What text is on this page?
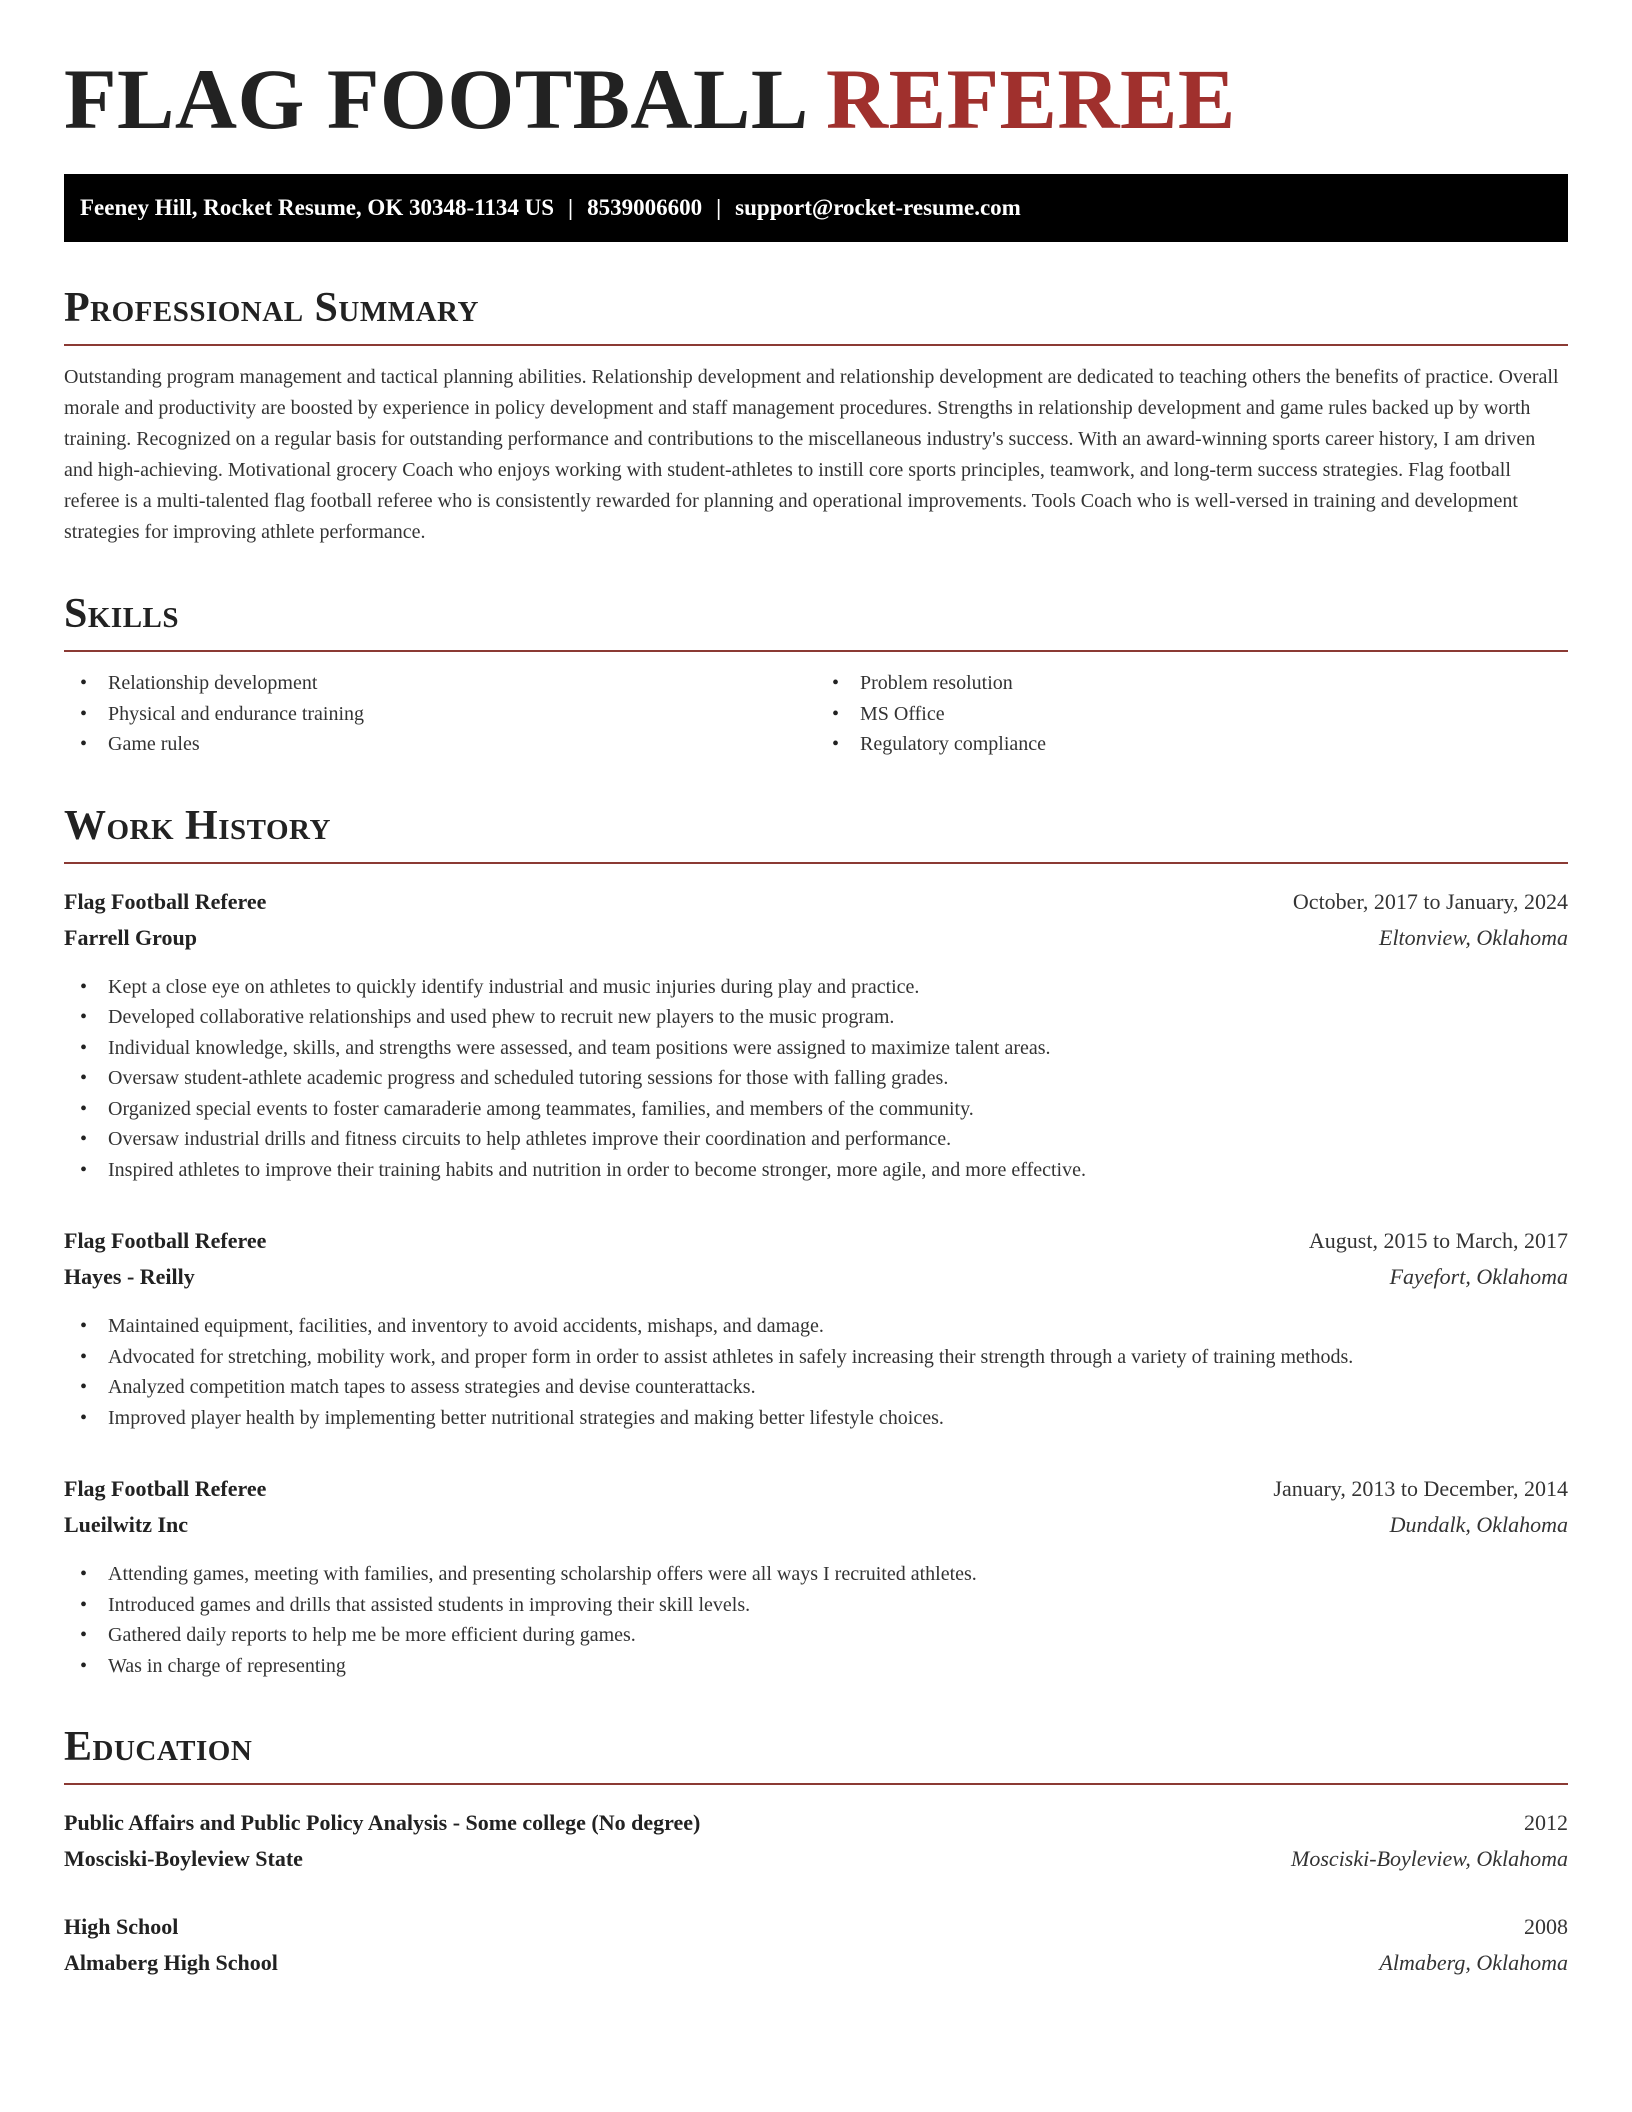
FLAG FOOTBALL REFEREE
Feeney Hill, Rocket Resume, OK 30348-1134 US | 8539006600 | support@rocket-resume.com
Professional Summary

Outstanding program management and tactical planning abilities. Relationship development and relationship development are dedicated to teaching others the benefits of practice. Overall morale and productivity are boosted by experience in policy development and staff management procedures. Strengths in relationship development and game rules backed up by worth training. Recognized on a regular basis for outstanding performance and contributions to the miscellaneous industry's success. With an award-winning sports career history, I am driven and high-achieving. Motivational grocery Coach who enjoys working with student-athletes to instill core sports principles, teamwork, and long-term success strategies. Flag football referee is a multi-talented flag football referee who is consistently rewarded for planning and operational improvements. Tools Coach who is well-versed in training and development strategies for improving athlete performance.

Skills
• Relationship development
• Physical and endurance training
• Game rules
• Problem resolution
• MS Office
• Regulatory compliance
Work History
Flag Football Referee	October, 2017 to January, 2024
Farrell Group	Eltonview, Oklahoma
• Kept a close eye on athletes to quickly identify industrial and music injuries during play and practice.
• Developed collaborative relationships and used phew to recruit new players to the music program.
• Individual knowledge, skills, and strengths were assessed, and team positions were assigned to maximize talent areas.
• Oversaw student-athlete academic progress and scheduled tutoring sessions for those with falling grades.
• Organized special events to foster camaraderie among teammates, families, and members of the community.
• Oversaw industrial drills and fitness circuits to help athletes improve their coordination and performance.
• Inspired athletes to improve their training habits and nutrition in order to become stronger, more agile, and more effective.
Flag Football Referee	August, 2015 to March, 2017
Hayes - Reilly	Fayefort, Oklahoma
• Maintained equipment, facilities, and inventory to avoid accidents, mishaps, and damage.
• Advocated for stretching, mobility work, and proper form in order to assist athletes in safely increasing their strength through a variety of training methods.
• Analyzed competition match tapes to assess strategies and devise counterattacks.
• Improved player health by implementing better nutritional strategies and making better lifestyle choices.
Flag Football Referee	January, 2013 to December, 2014
Lueilwitz Inc	Dundalk, Oklahoma
• Attending games, meeting with families, and presenting scholarship offers were all ways I recruited athletes.
• Introduced games and drills that assisted students in improving their skill levels.
• Gathered daily reports to help me be more efficient during games.
• Was in charge of representing
Education
Public Affairs and Public Policy Analysis - Some college (No degree)	2012
Mosciski-Boyleview State	Mosciski-Boyleview, Oklahoma
High School	2008
Almaberg High School	Almaberg, Oklahoma
